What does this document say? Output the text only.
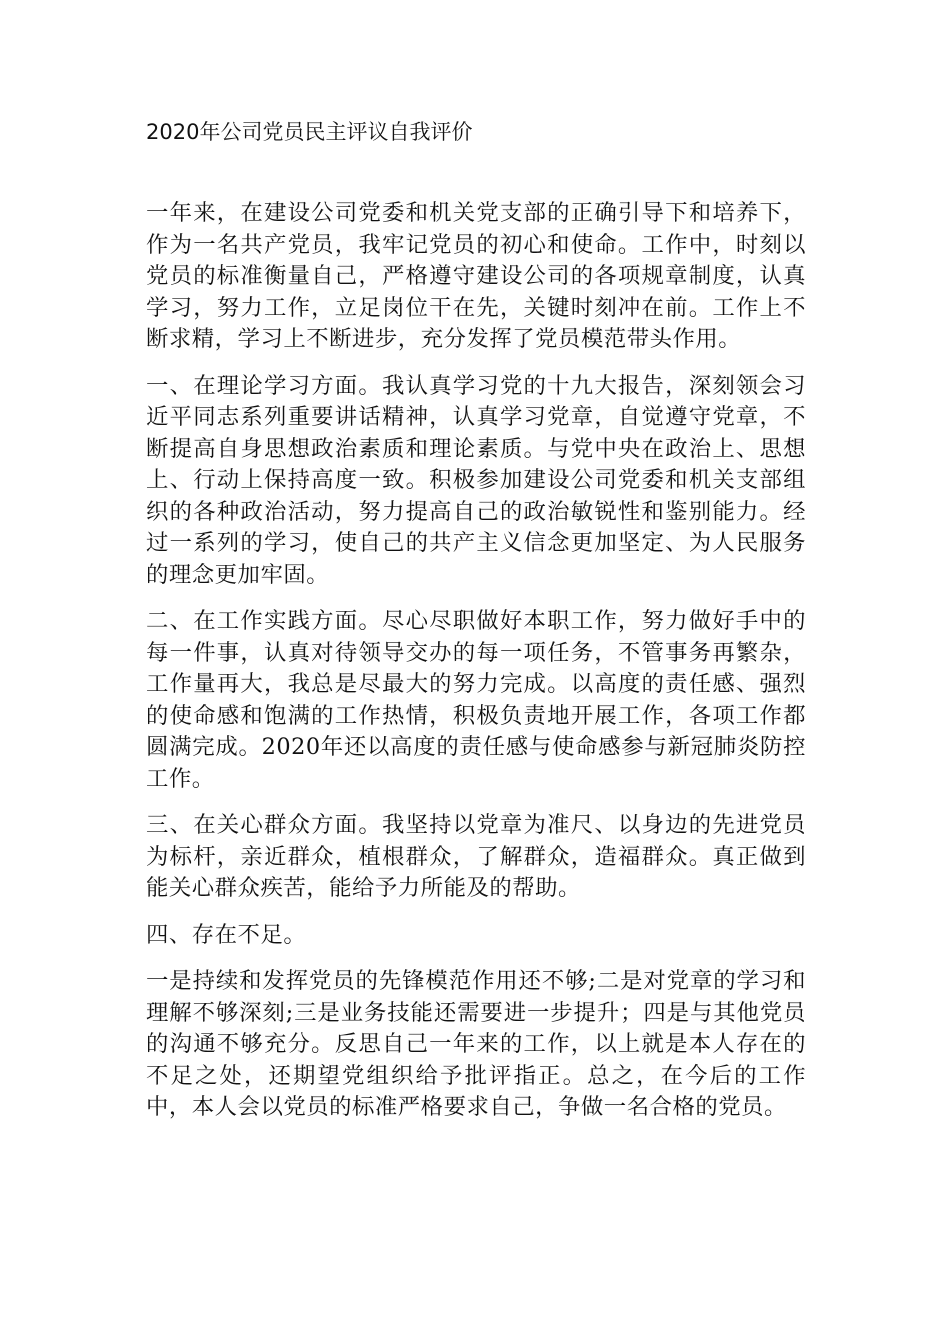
2020年公司党员民主评议自我评价

一年来，在建设公司党委和机关党支部的正确引导下和培养下，作为一名共产党员，我牢记党员的初心和使命。工作中，时刻以党员的标准衡量自己，严格遵守建设公司的各项规章制度，认真学习，努力工作，立足岗位干在先，关键时刻冲在前。工作上不断求精，学习上不断进步，充分发挥了党员模范带头作用。

一、在理论学习方面。我认真学习党的十九大报告，深刻领会习近平同志系列重要讲话精神，认真学习党章，自觉遵守党章，不断提高自身思想政治素质和理论素质。与党中央在政治上、思想上、行动上保持高度一致。积极参加建设公司党委和机关支部组织的各种政治活动，努力提高自己的政治敏锐性和鉴别能力。经过一系列的学习，使自己的共产主义信念更加坚定、为人民服务的理念更加牢固。

二、在工作实践方面。尽心尽职做好本职工作，努力做好手中的每一件事，认真对待领导交办的每一项任务，不管事务再繁杂，工作量再大，我总是尽最大的努力完成。以高度的责任感、强烈的使命感和饱满的工作热情，积极负责地开展工作，各项工作都圆满完成。2020年还以高度的责任感与使命感参与新冠肺炎防控工作。

三、在关心群众方面。我坚持以党章为准尺、以身边的先进党员为标杆，亲近群众，植根群众，了解群众，造福群众。真正做到能关心群众疾苦，能给予力所能及的帮助。

四、存在不足。

一是持续和发挥党员的先锋模范作用还不够;二是对党章的学习和理解不够深刻;三是业务技能还需要进一步提升；四是与其他党员的沟通不够充分。反思自己一年来的工作，以上就是本人存在的不足之处，还期望党组织给予批评指正。总之，在今后的工作中，本人会以党员的标准严格要求自己，争做一名合格的党员。
